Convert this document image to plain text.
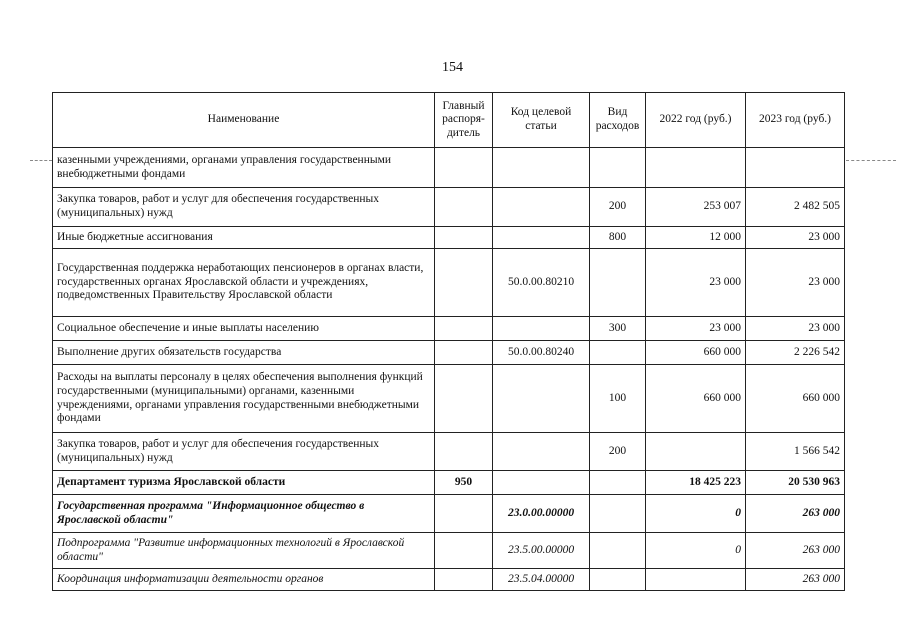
154
Наименование	Главный распоря-дитель	Код целевой статьи	Вид расходов	2022 год (руб.)	2023 год (руб.)
казенными учреждениями, органами управления государственными внебюджетными фондами					
Закупка товаров, работ и услуг для обеспечения государственных (муниципальных) нужд			200	253 007	2 482 505
Иные бюджетные ассигнования			800	12 000	23 000
Государственная поддержка неработающих пенсионеров в органах власти, государственных органах Ярославской области и учреждениях, подведомственных Правительству Ярославской области		50.0.00.80210		23 000	23 000
Социальное обеспечение и иные выплаты населению			300	23 000	23 000
Выполнение других обязательств государства		50.0.00.80240		660 000	2 226 542
Расходы на выплаты персоналу в целях обеспечения выполнения функций государственными (муниципальными) органами, казенными учреждениями, органами управления государственными внебюджетными фондами			100	660 000	660 000
Закупка товаров, работ и услуг для обеспечения государственных (муниципальных) нужд			200		1 566 542
Департамент туризма Ярославской области	950			18 425 223	20 530 963
Государственная программа "Информационное общество в Ярославской области"		23.0.00.00000		0	263 000
Подпрограмма "Развитие информационных технологий в Ярославской области"		23.5.00.00000		0	263 000
Координация информатизации деятельности органов		23.5.04.00000			263 000
